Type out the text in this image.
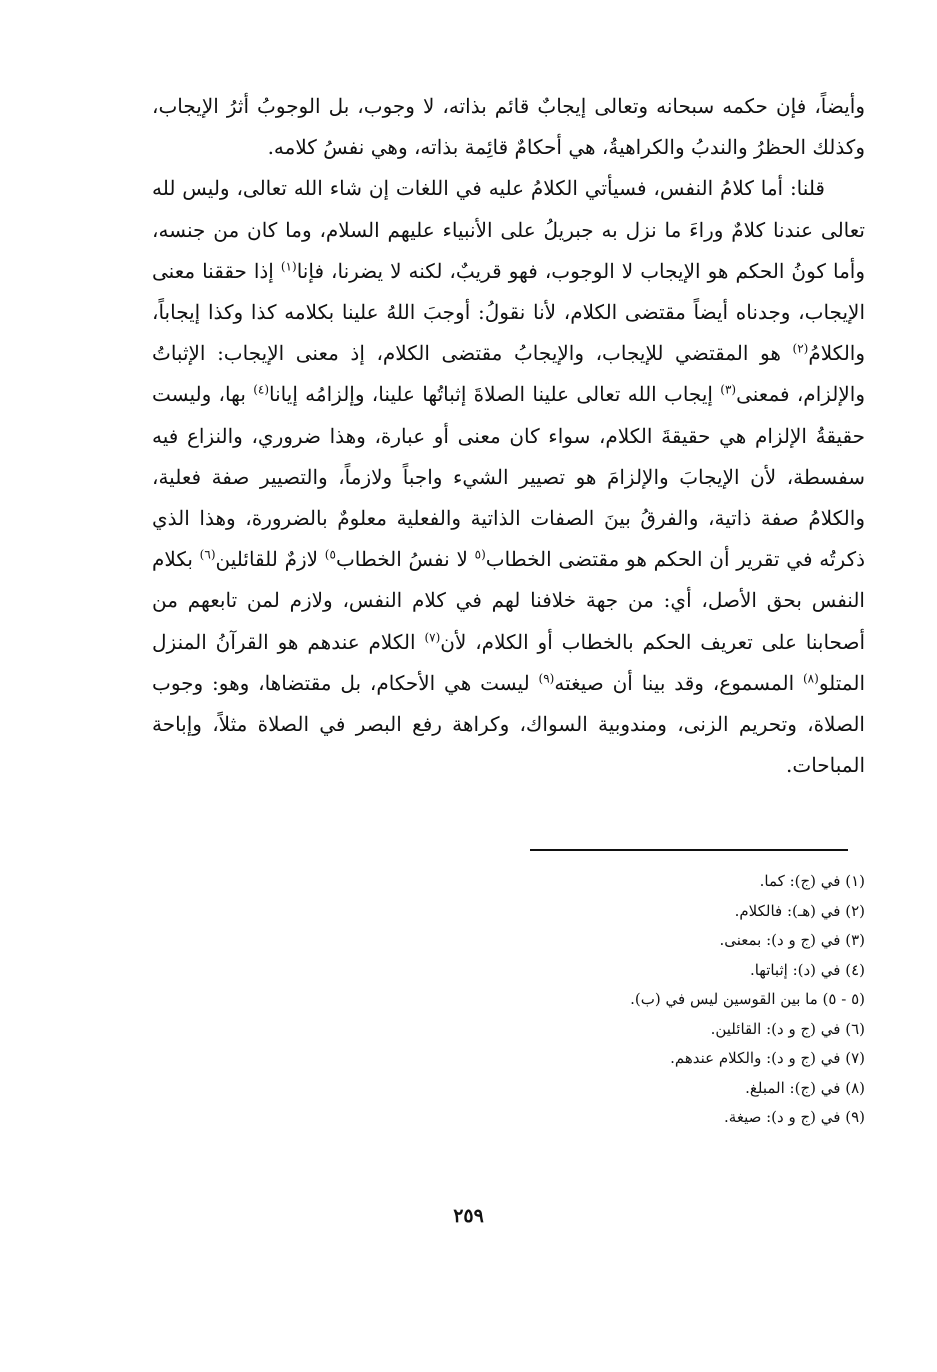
وأيضاً، فإن حكمه سبحانه وتعالى إيجابٌ قائم بذاته، لا وجوب، بل الوجوبُ أثرُ الإيجاب، وكذلك الحظرُ والندبُ والكراهيةُ، هي أحكامٌ قائِمة بذاته، وهي نفسُ كلامه.

قلنا: أما كلامُ النفس، فسيأتي الكلامُ عليه في اللغات إن شاء الله تعالى، وليس لله تعالى عندنا كلامٌ وراءَ ما نزل به جبريلُ على الأنبياء عليهم السلام، وما كان من جنسه، وأما كونُ الحكم هو الإيجاب لا الوجوب، فهو قريبٌ، لكنه لا يضرنا، فإنا$^{(١)}$ إذا حققنا معنى الإيجاب، وجدناه أيضاً مقتضى الكلام، لأنا نقولُ: أوجبَ اللهُ علينا بكلامه كذا وكذا إيجاباً، والكلامُ$^{(٢)}$ هو المقتضي للإيجاب، والإيجابُ مقتضى الكلام، إذ معنى الإيجاب: الإثباتُ والإلزام، فمعنى$^{(٣)}$ إيجاب الله تعالى علينا الصلاةَ إثباتُها علينا، وإلزامُه إيانا$^{(٤)}$ بها، وليست حقيقةُ الإلزام هي حقيقةَ الكلام، سواء كان معنى أو عبارة، وهذا ضروري، والنزاع فيه سفسطة، لأن الإيجابَ والإلزامَ هو تصيير الشيء واجباً ولازماً، والتصيير صفة فعلية، والكلامُ صفة ذاتية، والفرقُ بينَ الصفات الذاتية والفعلية معلومٌ بالضرورة، وهذا الذي ذكرتُه في تقرير أن الحكم هو مقتضى الخطاب$^{(٥}$ لا نفسُ الخطاب$^{٥)}$ لازمٌ للقائلين$^{(٦)}$ بكلام النفس بحق الأصل، أي: من جهة خلافنا لهم في كلام النفس، ولازم لمن تابعهم من أصحابنا على تعريف الحكم بالخطاب أو الكلام، لأن$^{(٧)}$ الكلام عندهم هو القرآنُ المنزل المتلو$^{(٨)}$ المسموع، وقد بينا أن صيغته$^{(٩)}$ ليست هي الأحكام، بل مقتضاها، وهو: وجوب الصلاة، وتحريم الزنى، ومندوبية السواك، وكراهة رفع البصر في الصلاة مثلاً، وإباحة المباحات.

(١) في (ج): كما.
(٢) في (هـ): فالكلام.
(٣) في (ج و د): بمعنى.
(٤) في (د): إثباتها.
(٥ - ٥) ما بين القوسين ليس في (ب).
(٦) في (ج و د): القائلين.
(٧) في (ج و د): والكلام عندهم.
(٨) في (ج): المبلغ.
(٩) في (ج و د): صيغة.
٢٥٩
